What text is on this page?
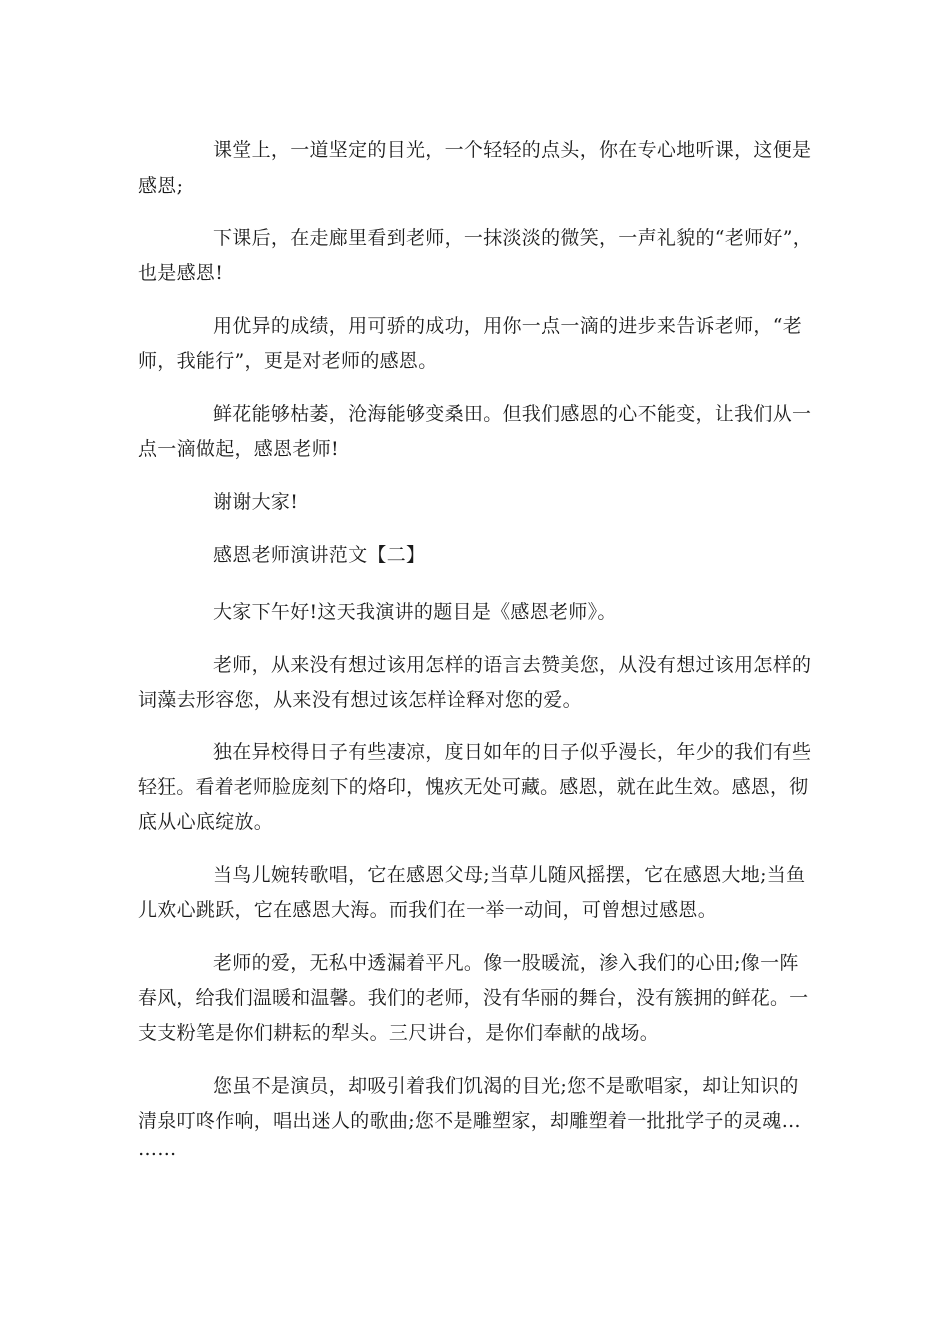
课堂上，一道坚定的目光，一个轻轻的点头，你在专心地听课，这便是
感恩;
下课后，在走廊里看到老师，一抹淡淡的微笑，一声礼貌的“老师好”，
也是感恩!
用优异的成绩，用可骄的成功，用你一点一滴的进步来告诉老师，“老
师，我能行”，更是对老师的感恩。
鲜花能够枯萎，沧海能够变桑田。但我们感恩的心不能变，让我们从一
点一滴做起，感恩老师!
谢谢大家!
感恩老师演讲范文【二】
大家下午好!这天我演讲的题目是《感恩老师》。
老师，从来没有想过该用怎样的语言去赞美您，从没有想过该用怎样的
词藻去形容您，从来没有想过该怎样诠释对您的爱。
独在异校得日子有些凄凉，度日如年的日子似乎漫长，年少的我们有些
轻狂。看着老师脸庞刻下的烙印，愧疚无处可藏。感恩，就在此生效。感恩，彻
底从心底绽放。
当鸟儿婉转歌唱，它在感恩父母;当草儿随风摇摆，它在感恩大地;当鱼
儿欢心跳跃，它在感恩大海。而我们在一举一动间，可曾想过感恩。
老师的爱，无私中透漏着平凡。像一股暖流，渗入我们的心田;像一阵
春风，给我们温暖和温馨。我们的老师，没有华丽的舞台，没有簇拥的鲜花。一
支支粉笔是你们耕耘的犁头。三尺讲台，是你们奉献的战场。
您虽不是演员，却吸引着我们饥渴的目光;您不是歌唱家，却让知识的
清泉叮咚作响，唱出迷人的歌曲;您不是雕塑家，却雕塑着一批批学子的灵魂…
……
